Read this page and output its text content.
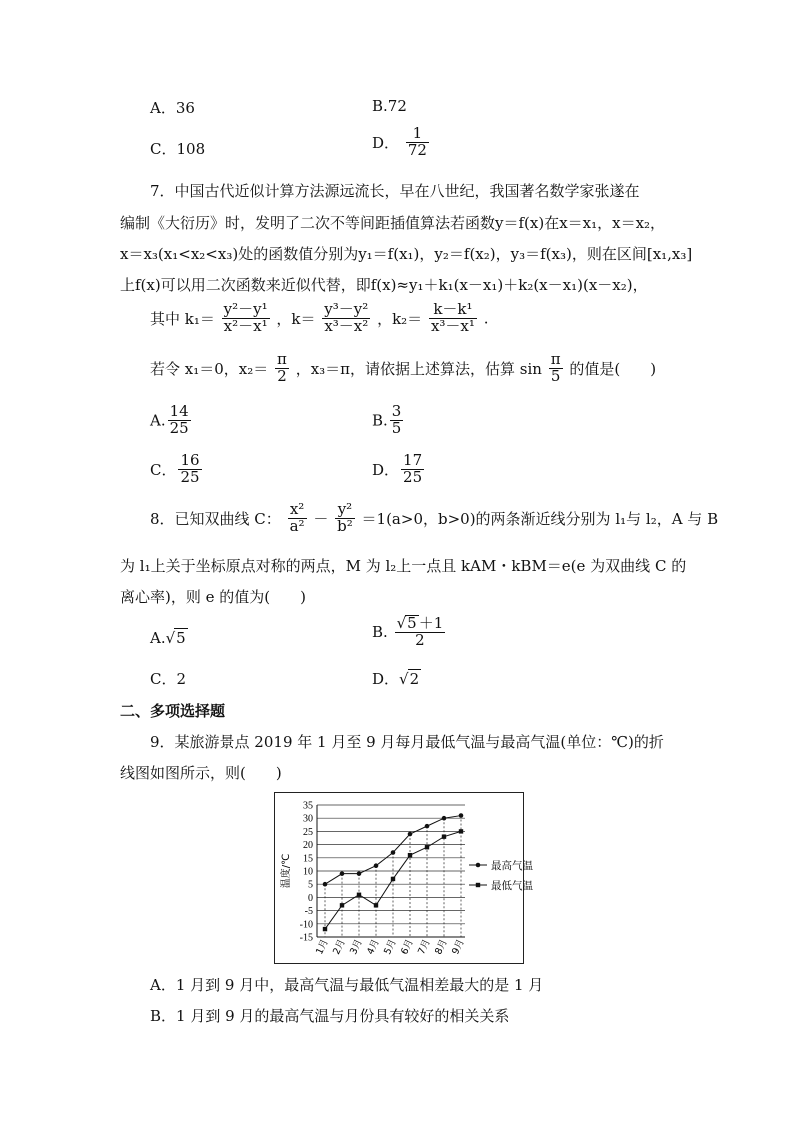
A．36	B.72
C．108	D． $\frac{1}{72}$
7．中国古代近似计算方法源远流长，早在八世纪，我国著名数学家张遂在
编制《大衍历》时，发明了二次不等间距插值算法若函数y＝f(x)在x＝x₁，x＝x₂，
x＝x₃(x₁<x₂<x₃)处的函数值分别为y₁＝f(x₁)，y₂＝f(x₂)，y₃＝f(x₃)，则在区间[x₁,x₃]
上f(x)可以用二次函数来近似代替，即f(x)≈y₁＋k₁(x－x₁)＋k₂(x－x₁)(x－x₂)，
其中 $k_1= \frac{\text{y²－y¹}}{\text{x²－x¹}}$ ，$k= \frac{\text{y³－y²}}{\text{x³－x²}}$ ，$k_2= \frac{\text{k－k¹}}{\text{x³－x¹}}$ .
若令 x₁＝0，$x_2= \frac{\pi}{2}$ ，x₃＝π，请依据上述算法，估算 $\sin \frac{\pi}{5}$ 的值是(　　)
A. $\frac{14}{25}$	B. $\frac{3}{5}$
C． $\frac{16}{25}$	D． $\frac{17}{25}$
8．已知双曲线 C： $\frac{\text{x²}}{\text{a²}} - \frac{\text{y²}}{\text{b²}} =1(a>0$，b>0)的两条渐近线分别为 l₁与 l₂，A 与 B
为 l₁上关于坐标原点对称的两点，M 为 l₂上一点且 kAM・kBM＝e(e 为双曲线 C 的
离心率)，则 e 的值为(　　)
A.√5	B. $\frac{√5 +1}{2}$
C．2	D．√2
二、多项选择题
9．某旅游景点 2019 年 1 月至 9 月每月最低气温与最高气温(单位：℃)的折
线图如图所示，则(　　)
-15
-10
-5
0
5
10
15
20
25
30
35
温度/℃
1月 2月 3月 4月 5月 6月 7月 8月 9月
最高气温
最低气温
A．1 月到 9 月中，最高气温与最低气温相差最大的是 1 月
B．1 月到 9 月的最高气温与月份具有较好的相关关系
